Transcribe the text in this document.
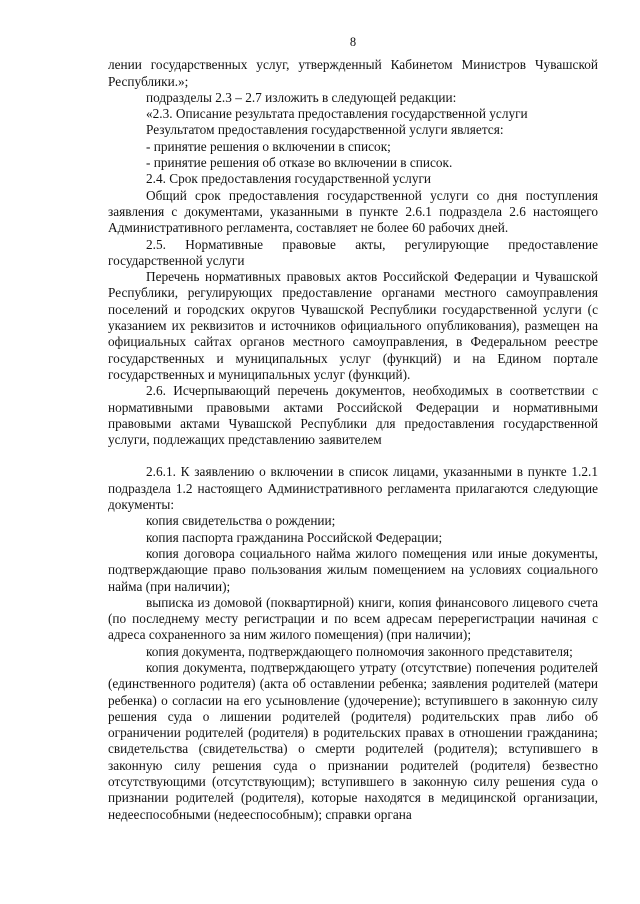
8

лении государственных услуг, утвержденный Кабинетом Министров Чувашской Республики.»;

подразделы 2.3 – 2.7 изложить в следующей редакции:

«2.3. Описание результата предоставления государственной услуги

Результатом предоставления государственной услуги является:

- принятие решения о включении в список;

- принятие решения об отказе во включении в список.

2.4. Срок предоставления государственной услуги

Общий срок предоставления государственной услуги со дня поступления заявления с документами, указанными в пункте 2.6.1 подраздела 2.6 настоящего Административного регламента, составляет не более 60 рабочих дней.

2.5. Нормативные правовые акты, регулирующие предоставление государственной услуги

Перечень нормативных правовых актов Российской Федерации и Чувашской Республики, регулирующих предоставление органами местного самоуправления поселений и городских округов Чувашской Республики государственной услуги (с указанием их реквизитов и источников официального опубликования), размещен на официальных сайтах органов местного самоуправления, в Федеральном реестре государственных и муниципальных услуг (функций) и на Едином портале государственных и муниципальных услуг (функций).

2.6. Исчерпывающий перечень документов, необходимых в соответствии с нормативными правовыми актами Российской Федерации и нормативными правовыми актами Чувашской Республики для предоставления государственной услуги, подлежащих представлению заявителем

2.6.1. К заявлению о включении в список лицами, указанными в пункте 1.2.1 подраздела 1.2 настоящего Административного регламента прилагаются следующие документы:

копия свидетельства о рождении;

копия паспорта гражданина Российской Федерации;

копия договора социального найма жилого помещения или иные документы, подтверждающие право пользования жилым помещением на условиях социального найма (при наличии);

выписка из домовой (поквартирной) книги, копия финансового лицевого счета (по последнему месту регистрации и по всем адресам перерегистрации начиная с адреса сохраненного за ним жилого помещения) (при наличии);

копия документа, подтверждающего полномочия законного представителя;

копия документа, подтверждающего утрату (отсутствие) попечения родителей (единственного родителя) (акта об оставлении ребенка; заявления родителей (матери ребенка) о согласии на его усыновление (удочерение); вступившего в законную силу решения суда о лишении родителей (родителя) родительских прав либо об ограничении родителей (родителя) в родительских правах в отношении гражданина; свидетельства (свидетельства) о смерти родителей (родителя); вступившего в законную силу решения суда о признании родителей (родителя) безвестно отсутствующими (отсутствующим); вступившего в законную силу решения суда о признании родителей (родителя), которые находятся в медицинской организации, недееспособными (недееспособным); справки органа
